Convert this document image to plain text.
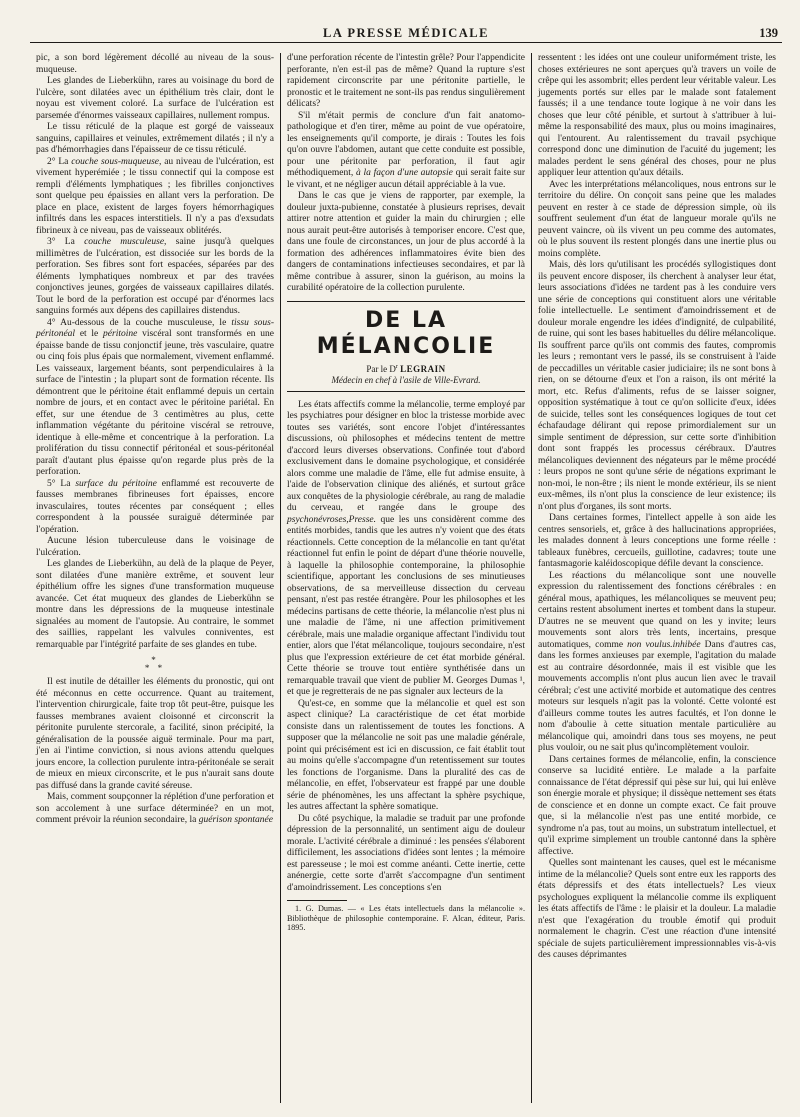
LA PRESSE MÉDICALE	139

pic, a son bord légèrement décollé au niveau de la sous-muqueuse.

Les glandes de Lieberkühn, rares au voisinage du bord de l'ulcère, sont dilatées avec un épithélium très clair, dont le noyau est vivement coloré. La surface de l'ulcération est parsemée d'énormes vaisseaux capillaires, nullement rompus.

Le tissu réticulé de la plaque est gorgé de vaisseaux sanguins, capillaires et veinules, extrêmement dilatés ; il n'y a pas d'hémorrhagies dans l'épaisseur de ce tissu réticulé.

2° La couche sous-muqueuse, au niveau de l'ulcération, est vivement hyperémiée ; le tissu connectif qui la compose est rempli d'éléments lymphatiques ; les fibrilles conjonctives sont quelque peu épaissies en allant vers la perforation. De place en place, existent de larges foyers hémorrhagiques infiltrés dans les espaces interstitiels. Il n'y a pas d'exsudats fibrineux à ce niveau, pas de vaisseaux oblitérés.

3° La couche musculeuse, saine jusqu'à quelques millimètres de l'ulcération, est dissociée sur les bords de la perforation. Ses fibres sont fort espacées, séparées par des éléments lymphatiques nombreux et par des travées conjonctives jeunes, gorgées de vaisseaux capillaires dilatés. Tout le bord de la perforation est occupé par d'énormes lacs sanguins formés aux dépens des capillaires distendus.

4° Au-dessous de la couche musculeuse, le tissu sous-péritonéal et le péritoine viscéral sont transformés en une épaisse bande de tissu conjonctif jeune, très vasculaire, quatre ou cinq fois plus épais que normalement, vivement enflammé. Les vaisseaux, largement béants, sont perpendiculaires à la surface de l'intestin ; la plupart sont de formation récente. Ils démontrent que le péritoine était enflammé depuis un certain nombre de jours, et en contact avec le péritoine pariétal. En effet, sur une étendue de 3 centimètres au plus, cette inflammation végétante du péritoine viscéral se retrouve, identique à elle-même et concentrique à la perforation. La prolifération du tissu connectif péritonéal et sous-péritonéal paraît d'autant plus épaisse qu'on regarde plus près de la perforation.

5° La surface du péritoine enflammé est recouverte de fausses membranes fibrineuses fort épaisses, encore invasculaires, toutes récentes par conséquent ; elles correspondent à la poussée suraiguë déterminée par l'opération.

Aucune lésion tuberculeuse dans le voisinage de l'ulcération.

Les glandes de Lieberkühn, au delà de la plaque de Peyer, sont dilatées d'une manière extrême, et souvent leur épithélium offre les signes d'une transformation muqueuse avancée. Cet état muqueux des glandes de Lieberkühn se montre dans les dépressions de la muqueuse intestinale signalées au moment de l'autopsie. Au contraire, le sommet des saillies, rappelant les valvules conniventes, est remarquable par l'intégrité parfaite de ses glandes en tube.

*
* *

Il est inutile de détailler les éléments du pronostic, qui ont été méconnus en cette occurrence. Quant au traitement, l'intervention chirurgicale, faite trop tôt peut-être, puisque les fausses membranes avaient cloisonné et circonscrit la péritonite purulente stercorale, a facilité, sinon précipité, la généralisation de la poussée aiguë terminale. Pour ma part, j'en ai l'intime conviction, si nous avions attendu quelques jours encore, la collection purulente intra-péritonéale se serait de mieux en mieux circonscrite, et le pus n'aurait sans doute pas diffusé dans la grande cavité séreuse.

Mais, comment soupçonner la réplétion d'une perforation et son accolement à une surface déterminée? en un mot, comment prévoir la réunion secondaire, la guérison spontanée

d'une perforation récente de l'intestin grêle? Pour l'appendicite perforante, n'en est-il pas de même? Quand la rupture s'est rapidement circonscrite par une péritonite partielle, le pronostic et le traitement ne sont-ils pas rendus singulièrement délicats?

S'il m'était permis de conclure d'un fait anatomo-pathologique et d'en tirer, même au point de vue opératoire, les enseignements qu'il comporte, je dirais : Toutes les fois qu'on ouvre l'abdomen, autant que cette conduite est possible, pour une péritonite par perforation, il faut agir méthodiquement, à la façon d'une autopsie qui serait faite sur le vivant, et ne négliger aucun détail appréciable à la vue.

Dans le cas que je viens de rapporter, par exemple, la douleur juxta-pubienne, constatée à plusieurs reprises, devait attirer notre attention et guider la main du chirurgien ; elle nous aurait peut-être autorisés à temporiser encore. C'est que, dans une foule de circonstances, un jour de plus accordé à la formation des adhérences inflammatoires évite bien des dangers de contaminations infectieuses secondaires, et par là même contribue à assurer, sinon la guérison, au moins la curabilité opératoire de la collection purulente.

DE LA MÉLANCOLIE
Par le $D^r$ LEGRAIN
Médecin en chef à l'asile de Ville-Evrard.

Les états affectifs comme la mélancolie, terme employé par les psychiatres pour désigner en bloc la tristesse morbide avec toutes ses variétés, sont encore l'objet d'intéressantes discussions, où philosophes et médecins tentent de mettre d'accord leurs diverses observations. Confinée tout d'abord exclusivement dans le domaine psychologique, et considérée alors comme une maladie de l'âme, elle fut admise ensuite, à l'aide de l'observation clinique des aliénés, et surtout grâce aux conquêtes de la physiologie cérébrale, au rang de maladie du cerveau, et rangée dans le groupe des psychonévroses,Presse. que les uns considèrent comme des entités morbides, tandis que les autres n'y voient que des états réactionnels. Cette conception de la mélancolie en tant qu'état réactionnel fut enfin le point de départ d'une théorie nouvelle, à laquelle la philosophie contemporaine, la philosophie scientifique, apportant les conclusions de ses minutieuses observations, de sa merveilleuse dissection du cerveau pensant, n'est pas restée étrangère. Pour les philosophes et les médecins partisans de cette théorie, la mélancolie n'est plus ni une maladie de l'âme, ni une affection primitivement cérébrale, mais une maladie organique affectant l'individu tout entier, alors que l'état mélancolique, toujours secondaire, n'est plus que l'expression extérieure de cet état morbide général. Cette théorie se trouve tout entière synthétisée dans un remarquable travail que vient de publier M. Georges Dumas ¹, et que je regretterais de ne pas signaler aux lecteurs de la

Qu'est-ce, en somme que la mélancolie et quel est son aspect clinique? La caractéristique de cet état morbide consiste dans un ralentissement de toutes les fonctions. A supposer que la mélancolie ne soit pas une maladie générale, point qui précisément est ici en discussion, ce fait établit tout au moins qu'elle s'accompagne d'un retentissement sur toutes les fonctions de l'organisme. Dans la pluralité des cas de mélancolie, en effet, l'observateur est frappé par une double série de phénomènes, les uns affectant la sphère psychique, les autres affectant la sphère somatique.

Du côté psychique, la maladie se traduit par une profonde dépression de la personnalité, un sentiment aigu de douleur morale. L'activité cérébrale a diminué : les pensées s'élaborent difficilement, les associations d'idées sont lentes ; la mémoire est paresseuse ; le moi est comme anéanti. Cette inertie, cette anénergie, cette sorte d'arrêt s'accompagne d'un sentiment d'amoindrissement. Les conceptions s'en

1. G. Dumas. — « Les états intellectuels dans la mélancolie ». Bibliothèque de philosophie contemporaine. F. Alcan, éditeur, Paris. 1895.

ressentent : les idées ont une couleur uniformément triste, les choses extérieures ne sont aperçues qu'à travers un voile de crêpe qui les assombrit; elles perdent leur véritable valeur. Les jugements portés sur elles par le malade sont fatalement faussés; il a une tendance toute logique à ne voir dans les choses que leur côté pénible, et surtout à s'attribuer à lui-même la responsabilité des maux, plus ou moins imaginaires, qui l'entourent. Au ralentissement du travail psychique correspond donc une diminution de l'acuité du jugement; les malades perdent le sens général des choses, pour ne plus appliquer leur attention qu'aux détails.

Avec les interprétations mélancoliques, nous entrons sur le territoire du délire. On conçoit sans peine que les malades peuvent en rester à ce stade de dépression simple, où ils souffrent seulement d'un état de langueur morale qu'ils ne peuvent vaincre, où ils vivent un peu comme des automates, où le plus souvent ils restent plongés dans une inertie plus ou moins complète.

Mais, dès lors qu'utilisant les procédés syllogistiques dont ils peuvent encore disposer, ils cherchent à analyser leur état, leurs associations d'idées ne tardent pas à les conduire vers une série de conceptions qui constituent alors une véritable folie intellectuelle. Le sentiment d'amoindrissement et de douleur morale engendre les idées d'indignité, de culpabilité, de ruine, qui sont les bases habituelles du délire mélancolique. Ils souffrent parce qu'ils ont commis des fautes, compromis les leurs ; remontant vers le passé, ils se construisent à l'aide de peccadilles un véritable casier judiciaire; ils ne sont bons à rien, on se détourne d'eux et l'on a raison, ils ont mérité la mort, etc. Refus d'aliments, refus de se laisser soigner, opposition systématique à tout ce qu'on sollicite d'eux, idées de suicide, telles sont les conséquences logiques de tout cet échafaudage délirant qui repose primordialement sur un simple sentiment de dépression, sur cette sorte d'inhibition dont sont frappés les processus cérébraux. D'autres mélancoliques deviennent des négateurs par le même procédé : leurs propos ne sont qu'une série de négations exprimant le non-moi, le non-être ; ils nient le monde extérieur, ils se nient eux-mêmes, ils n'ont plus la conscience de leur existence; ils n'ont plus d'organes, ils sont morts.

Dans certaines formes, l'intellect appelle à son aide les centres sensoriels, et, grâce à des hallucinations appropriées, les malades donnent à leurs conceptions une forme réelle : tableaux funèbres, cercueils, guillotine, cadavres; toute une fantasmagorie kaléidoscopique défile devant la conscience.

Les réactions du mélancolique sont une nouvelle expression du ralentissement des fonctions cérébrales : en général mous, apathiques, les mélancoliques se meuvent peu; certains restent absolument inertes et tombent dans la stupeur. D'autres ne se meuvent que quand on les y invite; leurs mouvements sont alors très lents, incertains, presque automatiques, comme non voulus.inhibée Dans d'autres cas, dans les formes anxieuses par exemple, l'agitation du malade est au contraire désordonnée, mais il est visible que les mouvements accomplis n'ont plus aucun lien avec le travail cérébral; c'est une activité morbide et automatique des centres moteurs sur lesquels n'agit pas la volonté. Cette volonté est d'ailleurs comme toutes les autres facultés, et l'on donne le nom d'aboulie à cette situation mentale particulière au mélancolique qui, amoindri dans tous ses moyens, ne peut plus vouloir, ou ne sait plus qu'incomplètement vouloir.

Dans certaines formes de mélancolie, enfin, la conscience conserve sa lucidité entière. Le malade a la parfaite connaissance de l'état dépressif qui pèse sur lui, qui lui enlève son énergie morale et physique; il dissèque nettement ses états de conscience et en donne un compte exact. Ce fait prouve que, si la mélancolie n'est pas une entité morbide, ce syndrome n'a pas, tout au moins, un substratum intellectuel, et qu'il exprime simplement un trouble cantonné dans la sphère affective.

Quelles sont maintenant les causes, quel est le mécanisme intime de la mélancolie? Quels sont entre eux les rapports des états dépressifs et des états intellectuels? Les vieux psychologues expliquent la mélancolie comme ils expliquent les états affectifs de l'âme : le plaisir et la douleur. La maladie n'est que l'exagération du trouble émotif qui produit normalement le chagrin. C'est une réaction d'une intensité spéciale de sujets particulièrement impressionnables vis-à-vis des causes déprimantes
